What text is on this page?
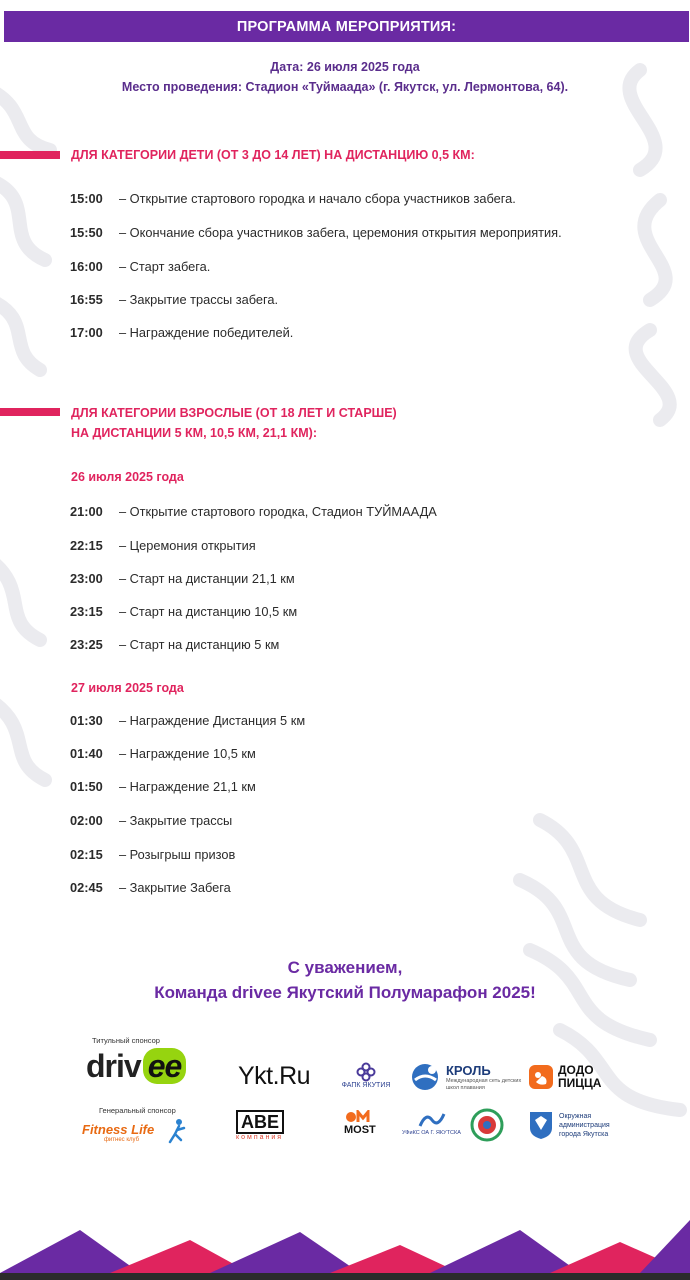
ПРОГРАММА МЕРОПРИЯТИЯ:
Дата: 26 июля 2025 года
Место проведения: Стадион «Туймаада» (г. Якутск, ул. Лермонтова, 64).
ДЛЯ КАТЕГОРИИ ДЕТИ (ОТ 3 ДО 14 ЛЕТ) НА ДИСТАНЦИЮ 0,5 КМ:
15:00 – Открытие стартового городка и начало сбора участников забега.
15:50 – Окончание сбора участников забега, церемония открытия мероприятия.
16:00 – Старт забега.
16:55 – Закрытие трассы забега.
17:00 – Награждение победителей.
ДЛЯ КАТЕГОРИИ ВЗРОСЛЫЕ (ОТ 18 ЛЕТ И СТАРШЕ)
НА ДИСТАНЦИИ 5 КМ, 10,5 КМ, 21,1 КМ):
26 июля 2025 года
21:00 – Открытие стартового городка, Стадион ТУЙМААДА
22:15 – Церемония открытия
23:00 – Старт на дистанции 21,1 км
23:15 – Старт на дистанцию 10,5 км
23:25 – Старт на дистанцию 5 км
27 июля 2025 года
01:30 – Награждение Дистанция 5 км
01:40 – Награждение 10,5 км
01:50 – Награждение 21,1 км
02:00 – Закрытие трассы
02:15 – Розыгрыш призов
02:45 – Закрытие Забега
С уважением,
Команда drivee Якутский Полумарафон 2025!
Титульный спонсор
driv ee
Генеральный спонсор
Fitness Life
фитнес клуб
Ykt.Ru	ФАПК ЯКУТИЯ
КРОЛЬ
Международная сеть детских школ плавания
ДОДО
ПИЦЦА
ABE
компания
MOST	УФиКС ОА Г. ЯКУТСКА
Окружная
администрация
города Якутска
